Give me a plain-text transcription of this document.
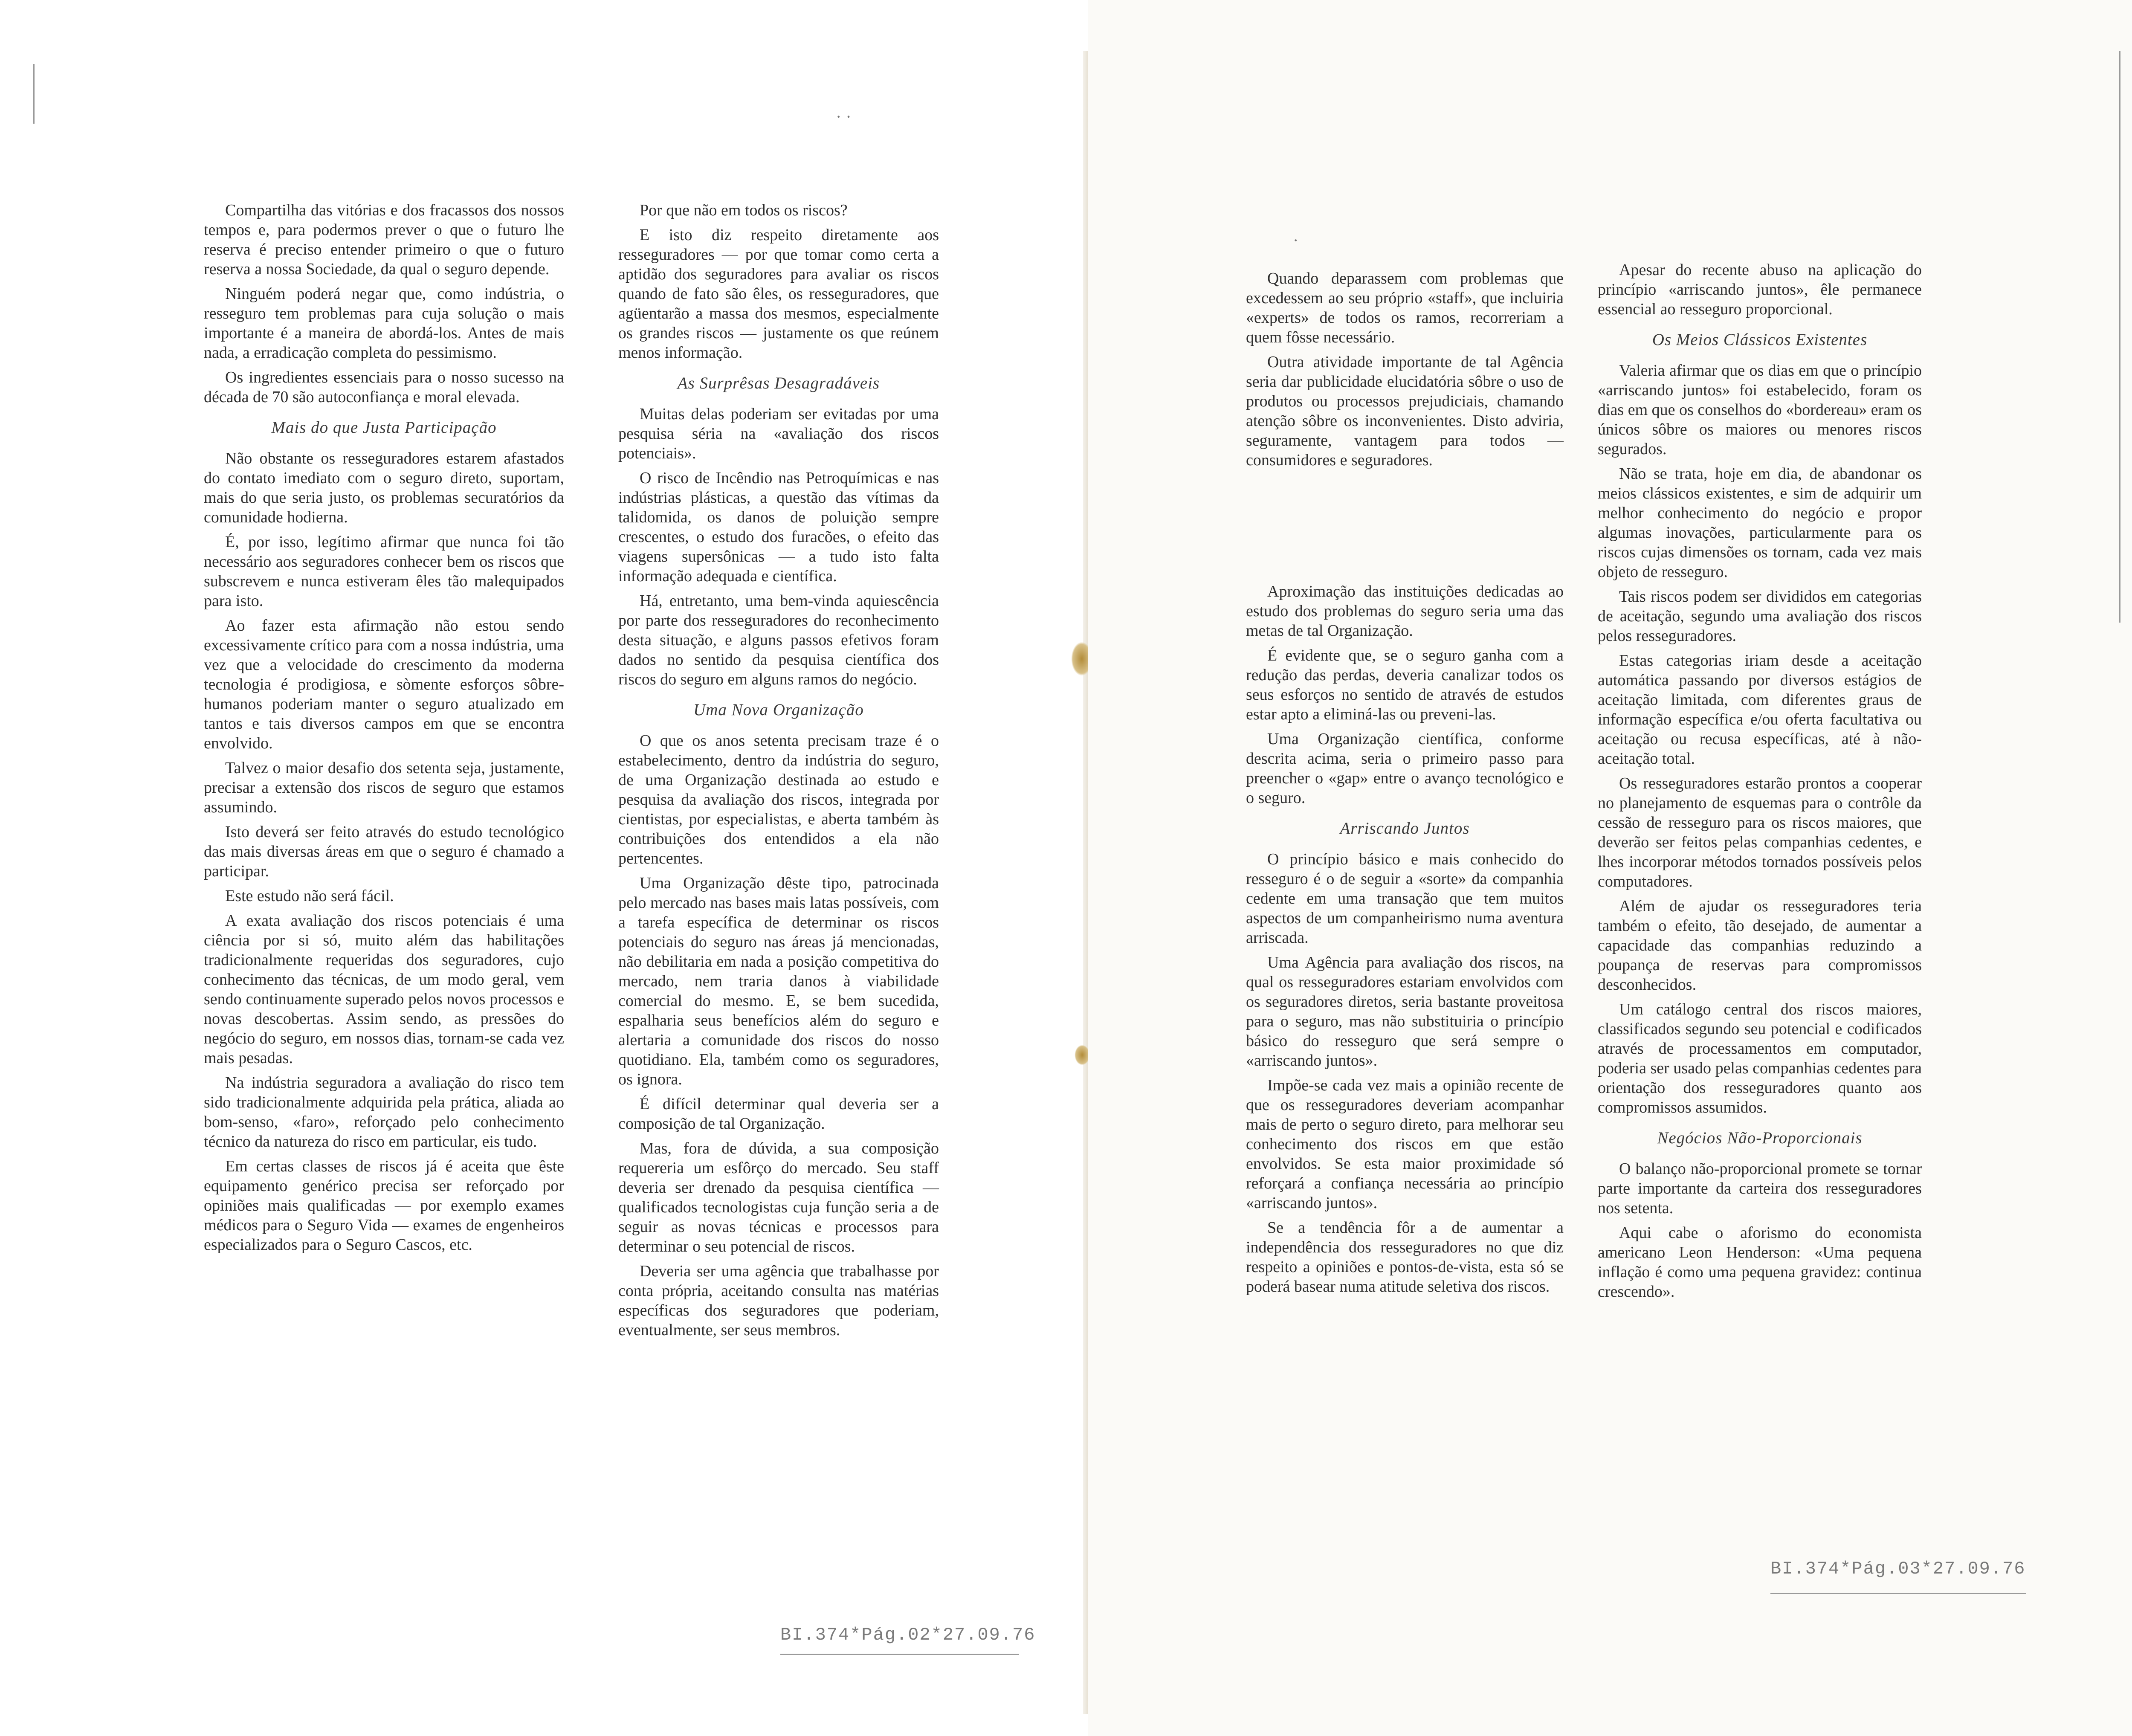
· ·

Compartilha das vitórias e dos fracassos dos nossos tempos e, para podermos prever o que o futuro lhe reserva é preciso entender primeiro o que o futuro reserva a nossa Sociedade, da qual o seguro depende.

Ninguém poderá negar que, como indústria, o resseguro tem problemas para cuja solução o mais importante é a maneira de abordá-los. Antes de mais nada, a erradicação completa do pessimismo.

Os ingredientes essenciais para o nosso sucesso na década de 70 são autoconfiança e moral elevada.

Mais do que Justa Participação

Não obstante os resseguradores estarem afastados do contato imediato com o seguro direto, suportam, mais do que seria justo, os problemas securatórios da comunidade hodierna.

É, por isso, legítimo afirmar que nunca foi tão necessário aos seguradores conhecer bem os riscos que subscrevem e nunca estiveram êles tão malequipados para isto.

Ao fazer esta afirmação não estou sendo excessivamente crítico para com a nossa indústria, uma vez que a velocidade do crescimento da moderna tecnologia é prodigiosa, e sòmente esforços sôbre-humanos poderiam manter o seguro atualizado em tantos e tais diversos campos em que se encontra envolvido.

Talvez o maior desafio dos setenta seja, justamente, precisar a extensão dos riscos de seguro que estamos assumindo.

Isto deverá ser feito através do estudo tecnológico das mais diversas áreas em que o seguro é chamado a participar.

Este estudo não será fácil.

A exata avaliação dos riscos potenciais é uma ciência por si só, muito além das habilitações tradicionalmente requeridas dos seguradores, cujo conhecimento das técnicas, de um modo geral, vem sendo continuamente superado pelos novos processos e novas descobertas. Assim sendo, as pressões do negócio do seguro, em nossos dias, tornam-se cada vez mais pesadas.

Na indústria seguradora a avaliação do risco tem sido tradicionalmente adquirida pela prática, aliada ao bom-senso, «faro», reforçado pelo conhecimento técnico da natureza do risco em particular, eis tudo.

Em certas classes de riscos já é aceita que êste equipamento genérico precisa ser reforçado por opiniões mais qualificadas — por exemplo exames médicos para o Seguro Vida — exames de engenheiros especializados para o Seguro Cascos, etc.

Por que não em todos os riscos?

E isto diz respeito diretamente aos resseguradores — por que tomar como certa a aptidão dos seguradores para avaliar os riscos quando de fato são êles, os resseguradores, que agüentarão a massa dos mesmos, especialmente os grandes riscos — justamente os que reúnem menos informação.

As Surprêsas Desagradáveis

Muitas delas poderiam ser evitadas por uma pesquisa séria na «avaliação dos riscos potenciais».

O risco de Incêndio nas Petroquímicas e nas indústrias plásticas, a questão das vítimas da talidomida, os danos de poluição sempre crescentes, o estudo dos furacões, o efeito das viagens supersônicas — a tudo isto falta informação adequada e científica.

Há, entretanto, uma bem-vinda aquiescência por parte dos resseguradores do reconhecimento desta situação, e alguns passos efetivos foram dados no sentido da pesquisa científica dos riscos do seguro em alguns ramos do negócio.

Uma Nova Organização

O que os anos setenta precisam traze é o estabelecimento, dentro da indústria do seguro, de uma Organização destinada ao estudo e pesquisa da avaliação dos riscos, integrada por cientistas, por especialistas, e aberta também às contribuições dos entendidos a ela não pertencentes.

Uma Organização dêste tipo, patrocinada pelo mercado nas bases mais latas possíveis, com a tarefa específica de determinar os riscos potenciais do seguro nas áreas já mencionadas, não debilitaria em nada a posição competitiva do mercado, nem traria danos à viabilidade comercial do mesmo. E, se bem sucedida, espalharia seus benefícios além do seguro e alertaria a comunidade dos riscos do nosso quotidiano. Ela, também como os seguradores, os ignora.

É difícil determinar qual deveria ser a composição de tal Organização.

Mas, fora de dúvida, a sua composição requereria um esfôrço do mercado. Seu staff deveria ser drenado da pesquisa científica — qualificados tecnologistas cuja função seria a de seguir as novas técnicas e processos para determinar o seu potencial de riscos.

Deveria ser uma agência que trabalhasse por conta própria, aceitando consulta nas matérias específicas dos seguradores que poderiam, eventualmente, ser seus membros.

BI.374*Pág.02*27.09.76
·

Quando deparassem com problemas que excedessem ao seu próprio «staff», que incluiria «experts» de todos os ramos, recorreriam a quem fôsse necessário.

Outra atividade importante de tal Agência seria dar publicidade elucidatória sôbre o uso de produtos ou processos prejudiciais, chamando atenção sôbre os inconvenientes. Disto adviria, seguramente, vantagem para todos — consumidores e seguradores.

Aproximação das instituições dedicadas ao estudo dos problemas do seguro seria uma das metas de tal Organização.

É evidente que, se o seguro ganha com a redução das perdas, deveria canalizar todos os seus esforços no sentido de através de estudos estar apto a eliminá-las ou preveni-las.

Uma Organização científica, conforme descrita acima, seria o primeiro passo para preencher o «gap» entre o avanço tecnológico e o seguro.

Arriscando Juntos

O princípio básico e mais conhecido do resseguro é o de seguir a «sorte» da companhia cedente em uma transação que tem muitos aspectos de um companheirismo numa aventura arriscada.

Uma Agência para avaliação dos riscos, na qual os resseguradores estariam envolvidos com os seguradores diretos, seria bastante proveitosa para o seguro, mas não substituiria o princípio básico do resseguro que será sempre o «arriscando juntos».

Impõe-se cada vez mais a opinião recente de que os resseguradores deveriam acompanhar mais de perto o seguro direto, para melhorar seu conhecimento dos riscos em que estão envolvidos. Se esta maior proximidade só reforçará a confiança necessária ao princípio «arriscando juntos».

Se a tendência fôr a de aumentar a independência dos resseguradores no que diz respeito a opiniões e pontos-de-vista, esta só se poderá basear numa atitude seletiva dos riscos.

Apesar do recente abuso na aplicação do princípio «arriscando juntos», êle permanece essencial ao resseguro proporcional.

Os Meios Clássicos Existentes

Valeria afirmar que os dias em que o princípio «arriscando juntos» foi estabelecido, foram os dias em que os conselhos do «bordereau» eram os únicos sôbre os maiores ou menores riscos segurados.

Não se trata, hoje em dia, de abandonar os meios clássicos existentes, e sim de adquirir um melhor conhecimento do negócio e propor algumas inovações, particularmente para os riscos cujas dimensões os tornam, cada vez mais objeto de resseguro.

Tais riscos podem ser divididos em categorias de aceitação, segundo uma avaliação dos riscos pelos resseguradores.

Estas categorias iriam desde a aceitação automática passando por diversos estágios de aceitação limitada, com diferentes graus de informação específica e/ou oferta facultativa ou aceitação ou recusa específicas, até à não-aceitação total.

Os resseguradores estarão prontos a cooperar no planejamento de esquemas para o contrôle da cessão de resseguro para os riscos maiores, que deverão ser feitos pelas companhias cedentes, e lhes incorporar métodos tornados possíveis pelos computadores.

Além de ajudar os resseguradores teria também o efeito, tão desejado, de aumentar a capacidade das companhias reduzindo a poupança de reservas para compromissos desconhecidos.

Um catálogo central dos riscos maiores, classificados segundo seu potencial e codificados através de processamentos em computador, poderia ser usado pelas companhias cedentes para orientação dos resseguradores quanto aos compromissos assumidos.

Negócios Não-Proporcionais

O balanço não-proporcional promete se tornar parte importante da carteira dos resseguradores nos setenta.

Aqui cabe o aforismo do economista americano Leon Henderson: «Uma pequena inflação é como uma pequena gravidez: continua crescendo».

BI.374*Pág.03*27.09.76
